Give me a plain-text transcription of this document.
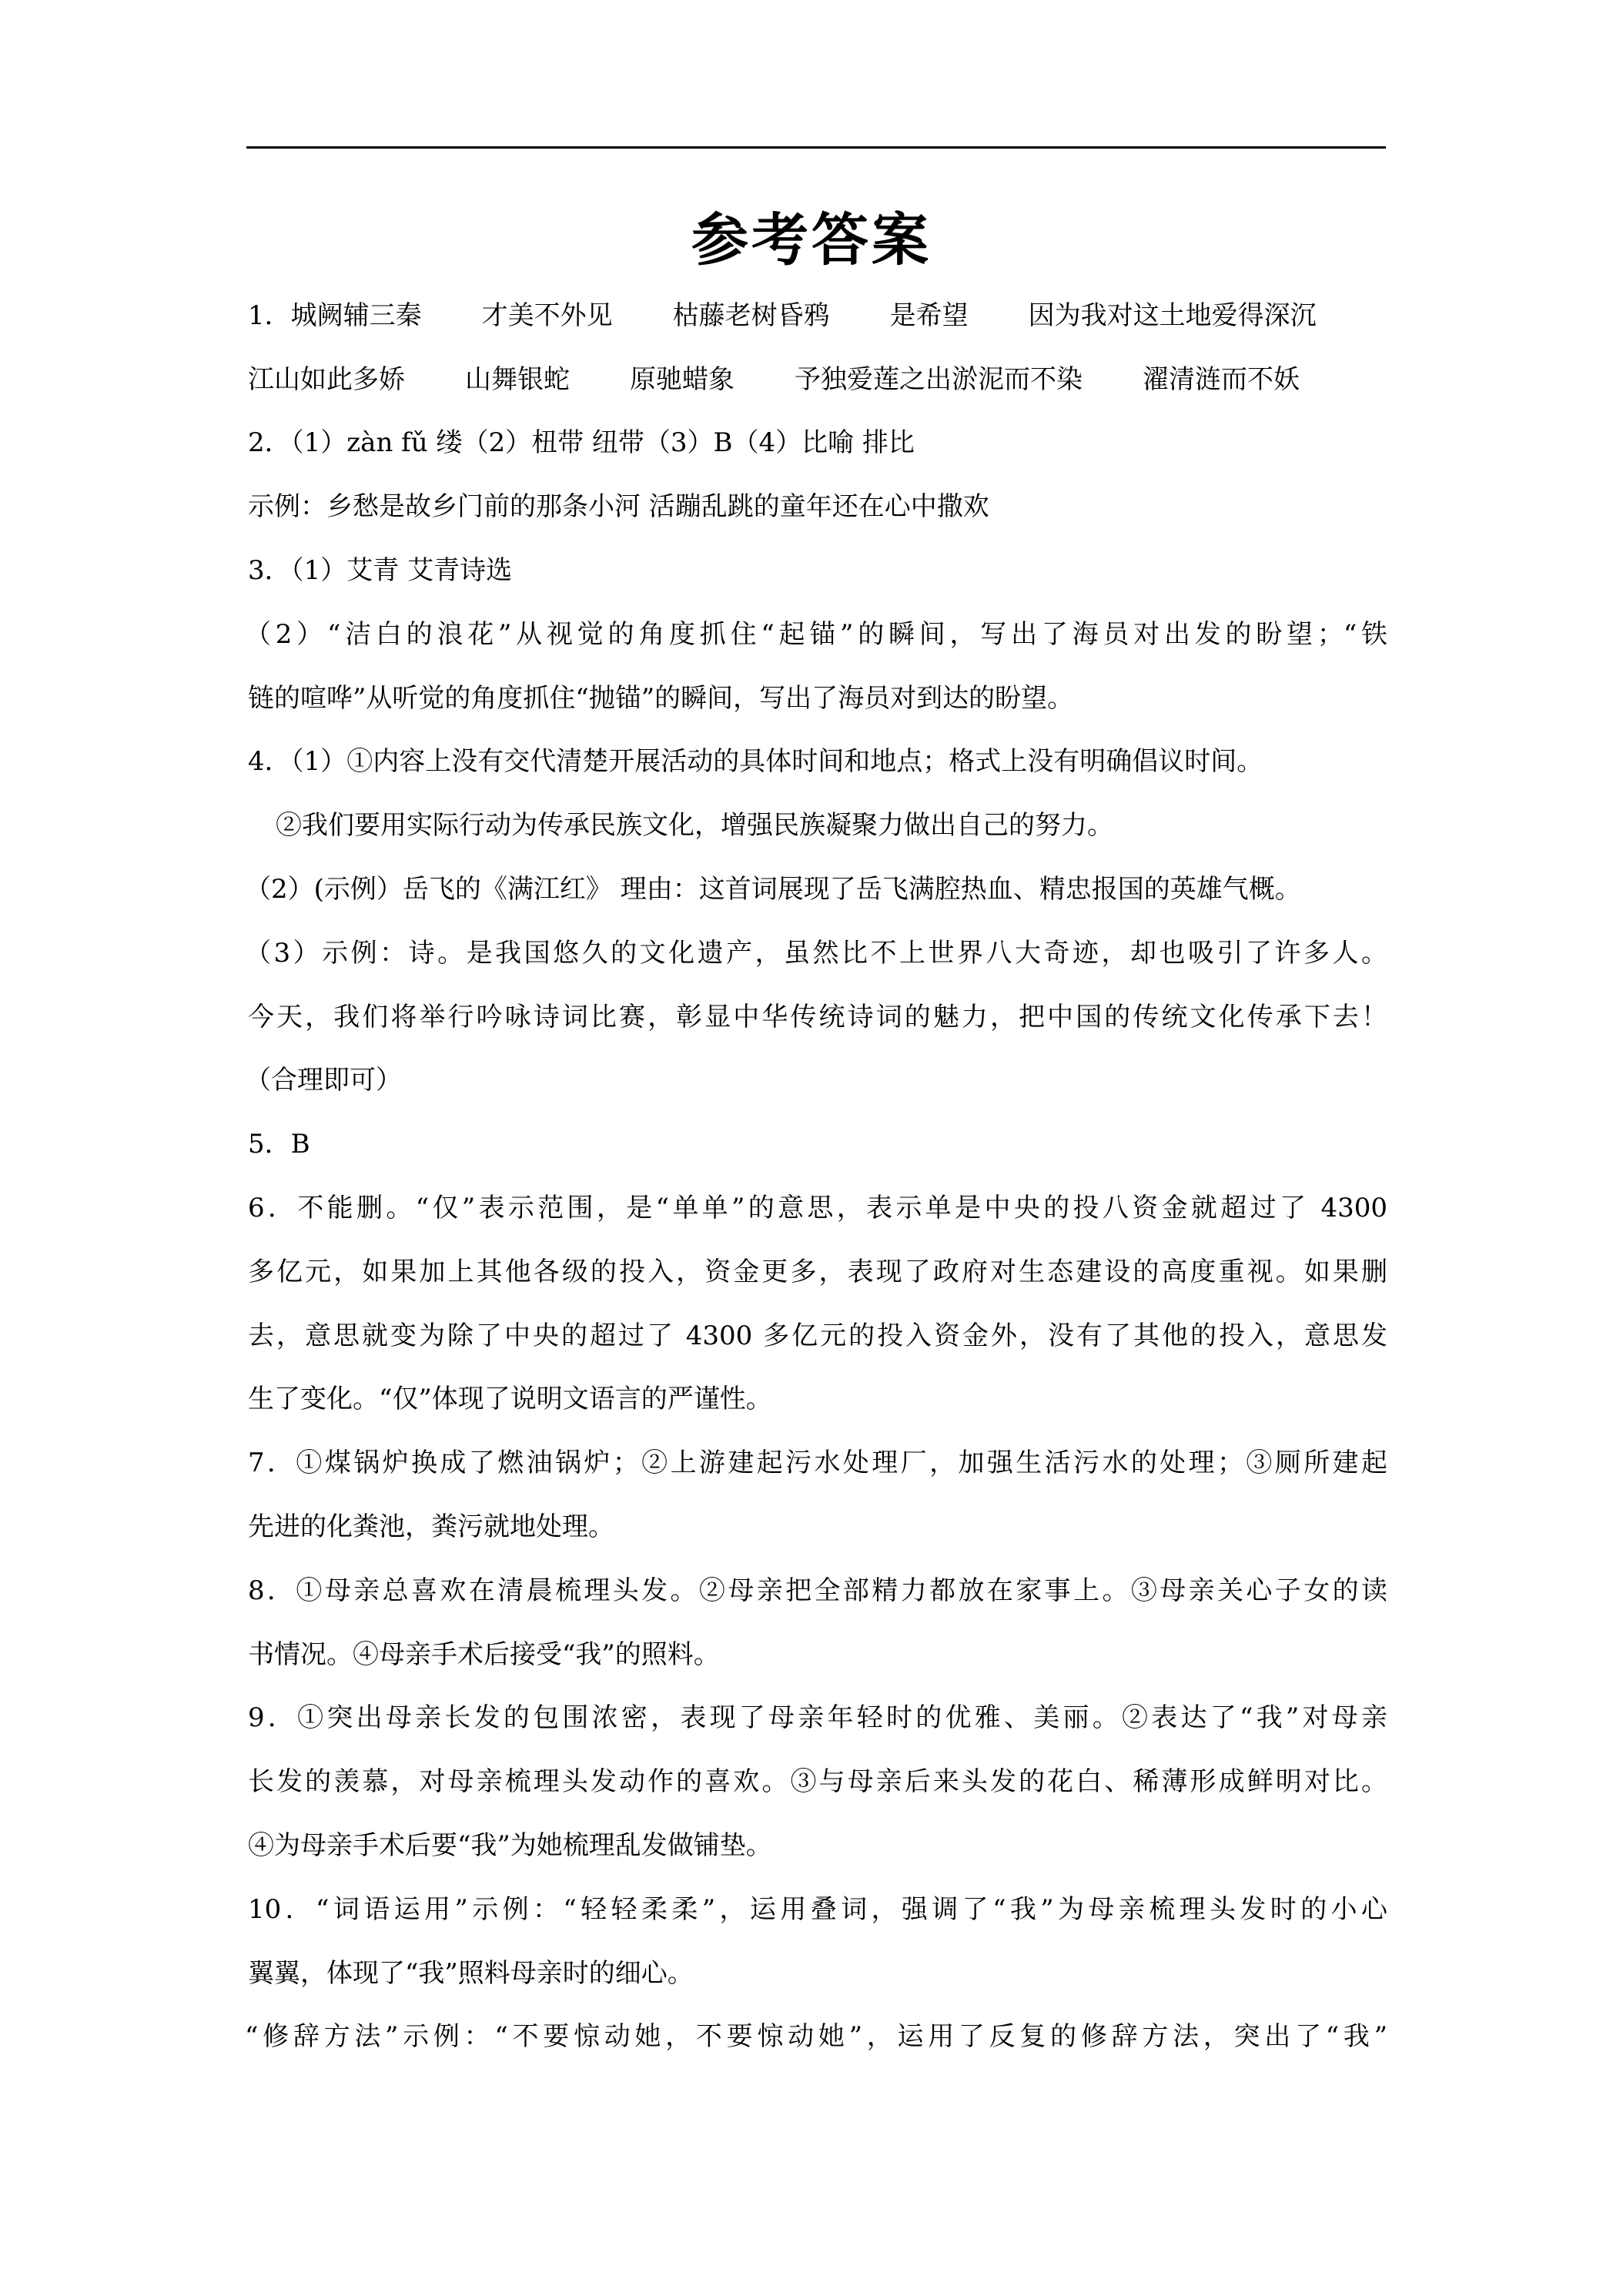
参考答案
1．城阙辅三秦 才美不外见 枯藤老树昏鸦 是希望 因为我对这土地爱得深沉
江山如此多娇 山舞银蛇 原驰蜡象 予独爱莲之出淤泥而不染 濯清涟而不妖
2．（1）zàn fǔ 缕（2）杻带 纽带（3）B（4）比喻 排比
示例：乡愁是故乡门前的那条小河 活蹦乱跳的童年还在心中撒欢
3．（1）艾青 艾青诗选
（2）“洁白的浪花”从视觉的角度抓住“起锚”的瞬间，写出了海员对出发的盼望；“铁
链的喧哗”从听觉的角度抓住“抛锚”的瞬间，写出了海员对到达的盼望。
4．（1）①内容上没有交代清楚开展活动的具体时间和地点；格式上没有明确倡议时间。
②我们要用实际行动为传承民族文化，增强民族凝聚力做出自己的努力。
（2）(示例）岳飞的《满江红》 理由：这首词展现了岳飞满腔热血、精忠报国的英雄气概。
（3）示例：诗。是我国悠久的文化遗产，虽然比不上世界八大奇迹，却也吸引了许多人。
今天，我们将举行吟咏诗词比赛，彰显中华传统诗词的魅力，把中国的传统文化传承下去！
（合理即可）
5．B
6．不能删。“仅”表示范围，是“单单”的意思，表示单是中央的投八资金就超过了 4300
多亿元，如果加上其他各级的投入，资金更多，表现了政府对生态建设的高度重视。如果删
去，意思就变为除了中央的超过了 4300 多亿元的投入资金外，没有了其他的投入，意思发
生了变化。“仅”体现了说明文语言的严谨性。
7．①煤锅炉换成了燃油锅炉；②上游建起污水处理厂，加强生活污水的处理；③厕所建起
先进的化粪池，粪污就地处理。
8．①母亲总喜欢在清晨梳理头发。②母亲把全部精力都放在家事上。③母亲关心子女的读
书情况。④母亲手术后接受“我”的照料。
9．①突出母亲长发的包围浓密，表现了母亲年轻时的优雅、美丽。②表达了“我”对母亲
长发的羡慕，对母亲梳理头发动作的喜欢。③与母亲后来头发的花白、稀薄形成鲜明对比。
④为母亲手术后要“我”为她梳理乱发做铺垫。
10．“词语运用”示例：“轻轻柔柔”，运用叠词，强调了“我”为母亲梳理头发时的小心
翼翼，体现了“我”照料母亲时的细心。
“修辞方法”示例：“不要惊动她，不要惊动她”，运用了反复的修辞方法，突出了“我”
